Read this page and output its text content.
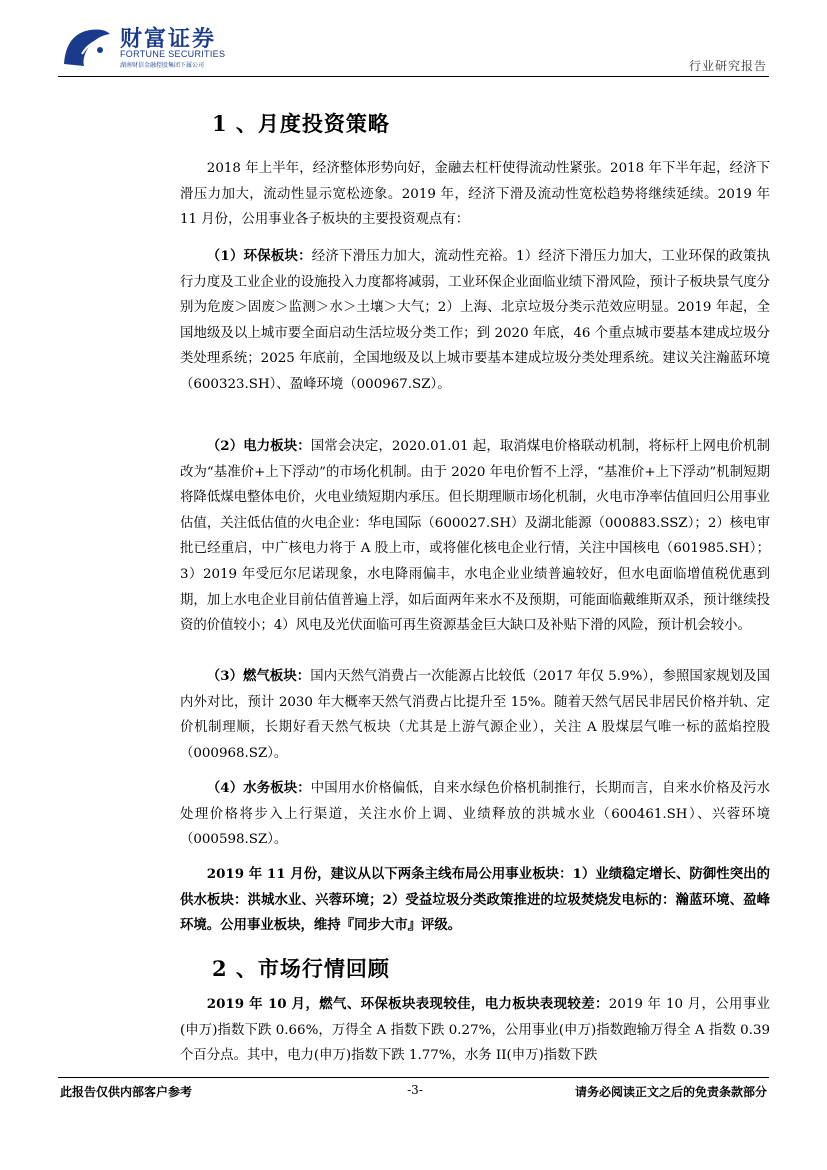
财富证券
FORTUNE SECURITIES
湖南财信金融控股集团下属公司	行业研究报告
1 、月度投资策略
2018 年上半年，经济整体形势向好，金融去杠杆使得流动性紧张。2018 年下半年起，经济下滑压力加大，流动性显示宽松迹象。2019 年，经济下滑及流动性宽松趋势将继续延续。2019 年 11 月份，公用事业各子板块的主要投资观点有：
（1）环保板块：经济下滑压力加大，流动性充裕。1）经济下滑压力加大，工业环保的政策执行力度及工业企业的设施投入力度都将减弱，工业环保企业面临业绩下滑风险，预计子板块景气度分别为危废＞固废＞监测＞水＞土壤＞大气；2）上海、北京垃圾分类示范效应明显。2019 年起，全国地级及以上城市要全面启动生活垃圾分类工作；到 2020 年底，46 个重点城市要基本建成垃圾分类处理系统；2025 年底前，全国地级及以上城市要基本建成垃圾分类处理系统。建议关注瀚蓝环境（600323.SH）、盈峰环境（000967.SZ）。
（2）电力板块：国常会决定，2020.01.01 起，取消煤电价格联动机制，将标杆上网电价机制改为“基准价+上下浮动”的市场化机制。由于 2020 年电价暂不上浮，“基准价+上下浮动”机制短期将降低煤电整体电价，火电业绩短期内承压。但长期理顺市场化机制，火电市净率估值回归公用事业估值，关注低估值的火电企业：华电国际（600027.SH）及湖北能源（000883.SSZ）；2）核电审批已经重启，中广核电力将于 A 股上市，或将催化核电企业行情，关注中国核电（601985.SH）；3）2019 年受厄尔尼诺现象，水电降雨偏丰，水电企业业绩普遍较好，但水电面临增值税优惠到期，加上水电企业目前估值普遍上浮，如后面两年来水不及预期，可能面临戴维斯双杀，预计继续投资的价值较小；4）风电及光伏面临可再生资源基金巨大缺口及补贴下滑的风险，预计机会较小。
（3）燃气板块：国内天然气消费占一次能源占比较低（2017 年仅 5.9%），参照国家规划及国内外对比，预计 2030 年大概率天然气消费占比提升至 15%。随着天然气居民非居民价格并轨、定价机制理顺，长期好看天然气板块（尤其是上游气源企业），关注 A 股煤层气唯一标的蓝焰控股（000968.SZ）。
（4）水务板块：中国用水价格偏低，自来水绿色价格机制推行，长期而言，自来水价格及污水处理价格将步入上行渠道，关注水价上调、业绩释放的洪城水业（600461.SH）、兴蓉环境（000598.SZ）。
2019 年 11 月份，建议从以下两条主线布局公用事业板块：1）业绩稳定增长、防御性突出的供水板块：洪城水业、兴蓉环境；2）受益垃圾分类政策推进的垃圾焚烧发电标的：瀚蓝环境、盈峰环境。公用事业板块，维持『同步大市』评级。
2 、市场行情回顾
2019 年 10 月，燃气、环保板块表现较佳，电力板块表现较差：2019 年 10 月，公用事业(申万)指数下跌 0.66%，万得全 A 指数下跌 0.27%，公用事业(申万)指数跑输万得全 A 指数 0.39 个百分点。其中，电力(申万)指数下跌 1.77%，水务 II(申万)指数下跌
此报告仅供内部客户参考	-3-	请务必阅读正文之后的免责条款部分
